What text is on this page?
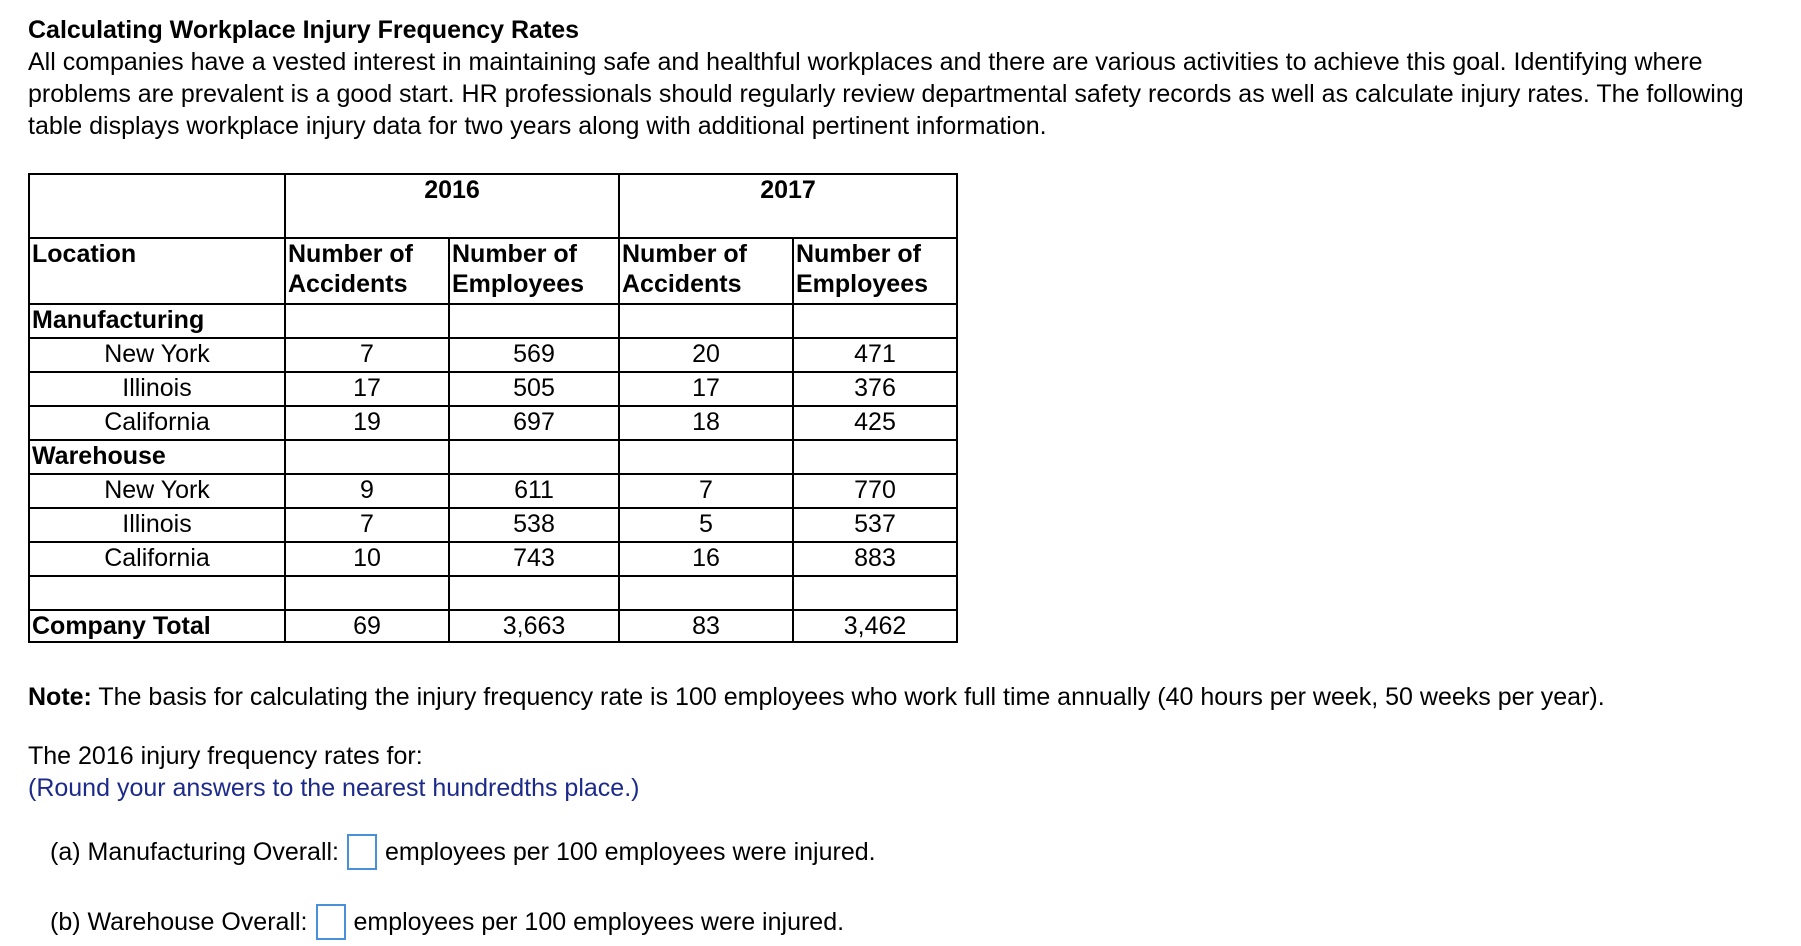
Calculating Workplace Injury Frequency Rates

All companies have a vested interest in maintaining safe and healthful workplaces and there are various activities to achieve this goal. Identifying where problems are prevalent is a good start. HR professionals should regularly review departmental safety records as well as calculate injury rates. The following table displays workplace injury data for two years along with additional pertinent information.

	2016		2017	
Location	Number of Accidents	Number of Employees	Number of Accidents	Number of Employees
Manufacturing				
New York	7	569	20	471
Illinois	17	505	17	376
California	19	697	18	425
Warehouse				
New York	9	611	7	770
Illinois	7	538	5	537
California	10	743	16	883

Company Total	69	3,663	83	3,462

Note: The basis for calculating the injury frequency rate is 100 employees who work full time annually (40 hours per week, 50 weeks per year).

The 2016 injury frequency rates for:

(Round your answers to the nearest hundredths place.)

(a) Manufacturing Overall: employees per 100 employees were injured.
(b) Warehouse Overall: employees per 100 employees were injured.
